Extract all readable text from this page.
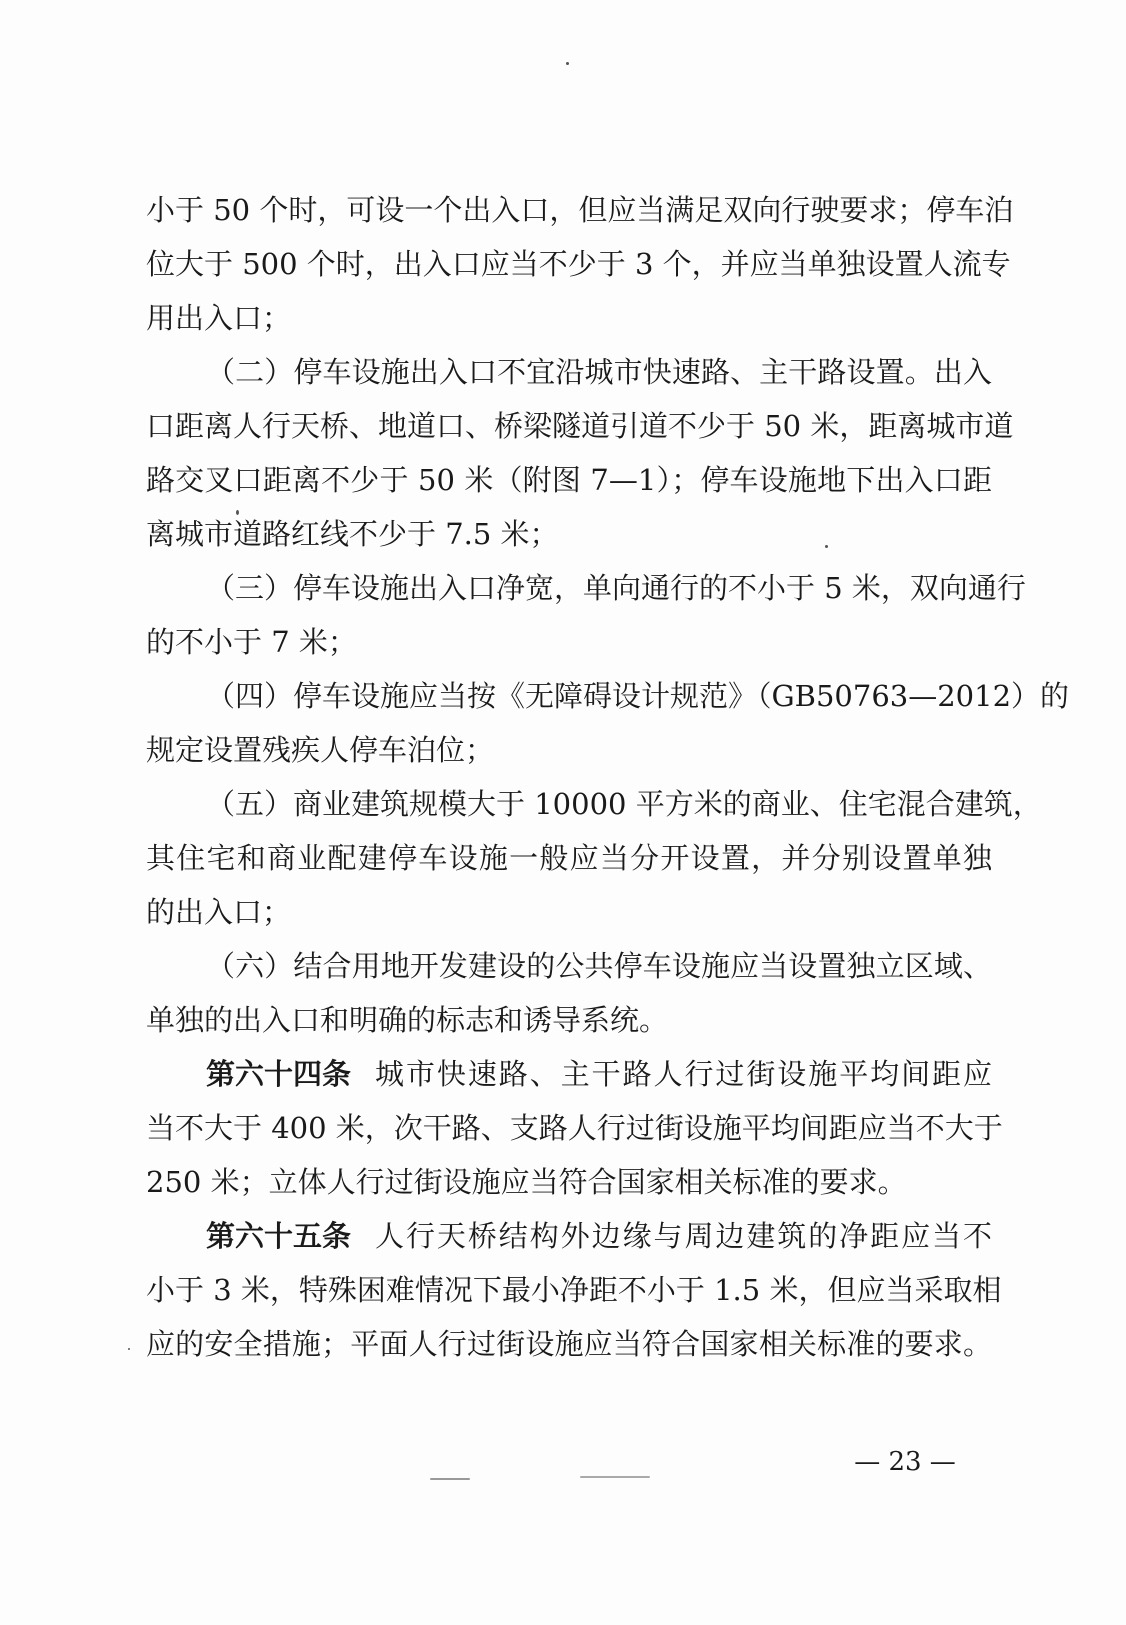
小于 50 个时，可设一个出入口，但应当满足双向行驶要求；停车泊
位大于 500 个时，出入口应当不少于 3 个，并应当单独设置人流专
用出入口；
（二）停车设施出入口不宜沿城市快速路、主干路设置。出入
口距离人行天桥、地道口、桥梁隧道引道不少于 50 米，距离城市道
路交叉口距离不少于 50 米（附图 7—1）；停车设施地下出入口距
离城市道路红线不少于 7.5 米；
（三）停车设施出入口净宽，单向通行的不小于 5 米，双向通行
的不小于 7 米；
（四）停车设施应当按《无障碍设计规范》（GB50763—2012）的
规定设置残疾人停车泊位；
（五）商业建筑规模大于 10000 平方米的商业、住宅混合建筑，
其住宅和商业配建停车设施一般应当分开设置，并分别设置单独
的出入口；
（六）结合用地开发建设的公共停车设施应当设置独立区域、
单独的出入口和明确的标志和诱导系统。
第六十四条 城市快速路、主干路人行过街设施平均间距应
当不大于 400 米，次干路、支路人行过街设施平均间距应当不大于
250 米；立体人行过街设施应当符合国家相关标准的要求。
第六十五条 人行天桥结构外边缘与周边建筑的净距应当不
小于 3 米，特殊困难情况下最小净距不小于 1.5 米，但应当采取相
应的安全措施；平面人行过街设施应当符合国家相关标准的要求。
— 23 —
